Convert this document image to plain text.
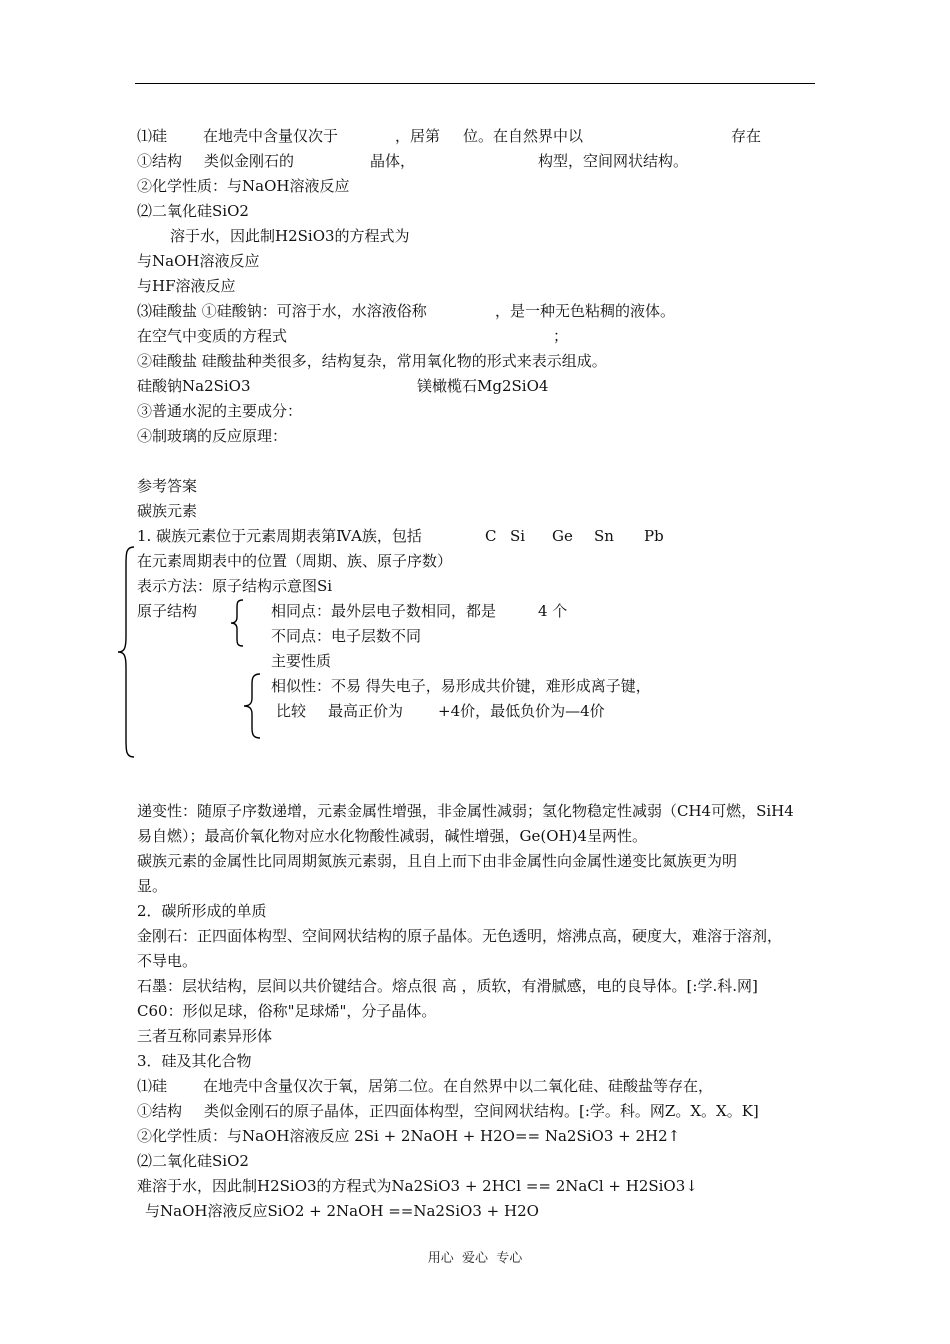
⑴硅 在地壳中含量仅次于	，居第 位。在自然界中以	存在
①结构 类似金刚石的	晶体，	构型，空间网状结构。
②化学性质：与NaOH溶液反应
⑵二氧化硅SiO2
溶于水，因此制H2SiO3的方程式为
与NaOH溶液反应
与HF溶液反应
⑶硅酸盐 ①硅酸钠：可溶于水，水溶液俗称	，是一种无色粘稠的液体。
在空气中变质的方程式	；
②硅酸盐 硅酸盐种类很多，结构复杂，常用氧化物的形式来表示组成。
硅酸钠Na2SiO3	镁橄榄石Mg2SiO4
③普通水泥的主要成分：
④制玻璃的反应原理：
参考答案
碳族元素
1. 碳族元素位于元素周期表第ⅣA族，包括	C Si Ge Sn Pb
在元素周期表中的位置（周期、族、原子序数）
表示方法：原子结构示意图Si
原子结构	相同点：最外层电子数相同，都是	4 个
不同点：电子层数不同
主要性质
相似性：不易 得失电子，易形成共价键，难形成离子键，
比较 最高正价为 +4价，最低负价为—4价
递变性：随原子序数递增，元素金属性增强，非金属性减弱；氢化物稳定性减弱（CH4可燃，SiH4
易自燃）；最高价氧化物对应水化物酸性减弱，碱性增强，Ge(OH)4呈两性。
碳族元素的金属性比同周期氮族元素弱，且自上而下由非金属性向金属性递变比氮族更为明
显。
2．碳所形成的单质
金刚石：正四面体构型、空间网状结构的原子晶体。无色透明，熔沸点高，硬度大，难溶于溶剂，
不导电。
石墨：层状结构，层间以共价键结合。熔点很 高 ，质软，有滑腻感，电的良导体。[:学.科.网]
C60：形似足球，俗称"足球烯"，分子晶体。
三者互称同素异形体
3．硅及其化合物
⑴硅 在地壳中含量仅次于氧，居第二位。在自然界中以二氧化硅、硅酸盐等存在，
①结构 类似金刚石的原子晶体，正四面体构型，空间网状结构。[:学。科。网Z。X。X。K]
②化学性质：与NaOH溶液反应 2Si + 2NaOH + H2O== Na2SiO3 + 2H2↑
⑵二氧化硅SiO2
难溶于水，因此制H2SiO3的方程式为Na2SiO3 + 2HCl == 2NaCl + H2SiO3↓
与NaOH溶液反应SiO2 + 2NaOH ==Na2SiO3 + H2O
用心  爱心  专心
